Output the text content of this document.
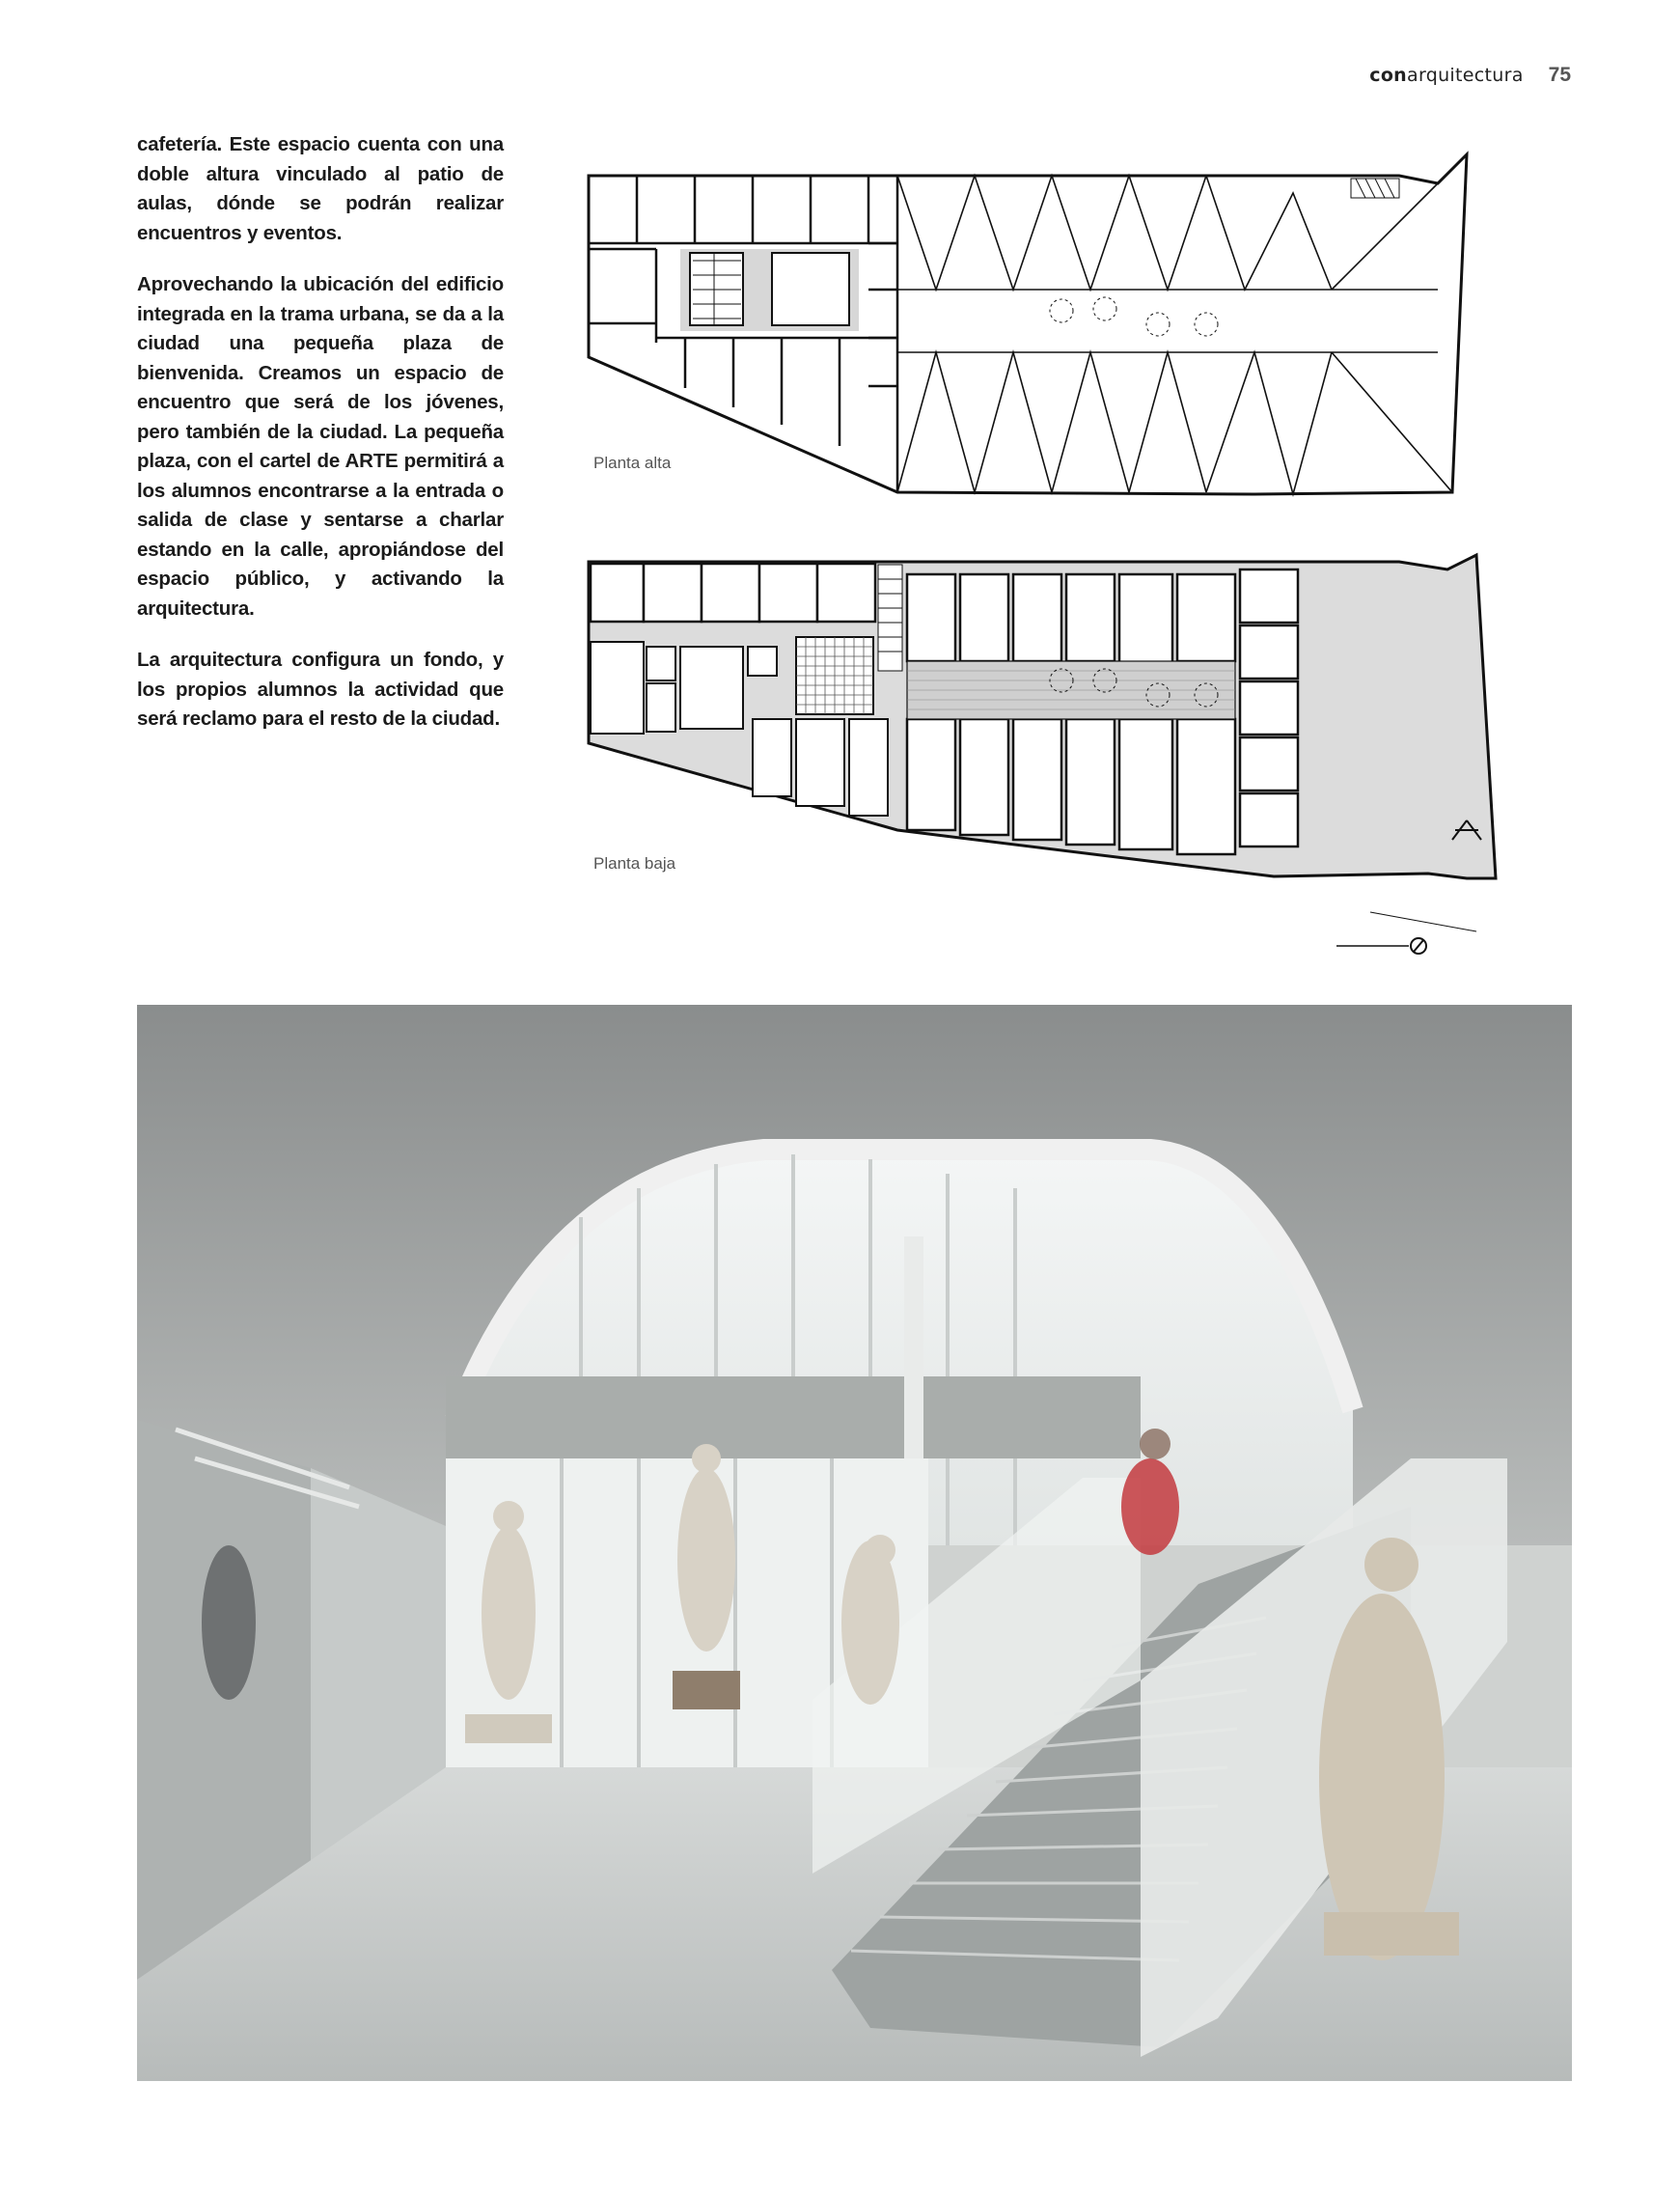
conarquitectura 75

cafetería. Este espacio cuenta con una doble altura vinculado al patio de aulas, dónde se podrán realizar encuentros y eventos.

Aprovechando la ubicación del edificio integrada en la trama urbana, se da a la ciudad una pequeña plaza de bienvenida. Creamos un espacio de encuentro que será de los jóvenes, pero también de la ciudad. La pequeña plaza, con el cartel de ARTE permitirá a los alumnos encontrarse a la entrada o salida de clase y sentarse a charlar estando en la calle, apropiándose del espacio público, y activando la arquitectura.

La arquitectura configura un fondo, y los propios alumnos la actividad que será reclamo para el resto de la ciudad.

Planta alta
Planta baja
